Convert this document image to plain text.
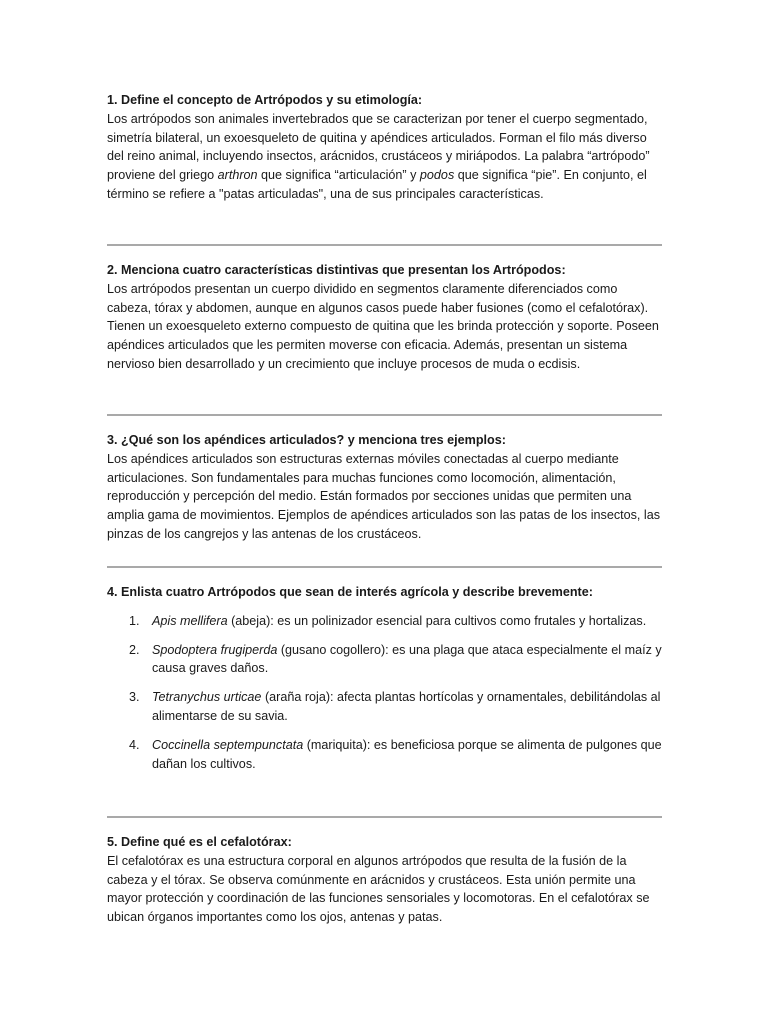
1. Define el concepto de Artrópodos y su etimología:

Los artrópodos son animales invertebrados que se caracterizan por tener el cuerpo segmentado, simetría bilateral, un exoesqueleto de quitina y apéndices articulados. Forman el filo más diverso del reino animal, incluyendo insectos, arácnidos, crustáceos y miriápodos. La palabra “artrópodo” proviene del griego arthron que significa “articulación” y podos que significa “pie”. En conjunto, el término se refiere a "patas articuladas", una de sus principales características.

2. Menciona cuatro características distintivas que presentan los Artrópodos:

Los artrópodos presentan un cuerpo dividido en segmentos claramente diferenciados como cabeza, tórax y abdomen, aunque en algunos casos puede haber fusiones (como el cefalotórax). Tienen un exoesqueleto externo compuesto de quitina que les brinda protección y soporte. Poseen apéndices articulados que les permiten moverse con eficacia. Además, presentan un sistema nervioso bien desarrollado y un crecimiento que incluye procesos de muda o ecdisis.

3. ¿Qué son los apéndices articulados? y menciona tres ejemplos:

Los apéndices articulados son estructuras externas móviles conectadas al cuerpo mediante articulaciones. Son fundamentales para muchas funciones como locomoción, alimentación, reproducción y percepción del medio. Están formados por secciones unidas que permiten una amplia gama de movimientos. Ejemplos de apéndices articulados son las patas de los insectos, las pinzas de los cangrejos y las antenas de los crustáceos.

4. Enlista cuatro Artrópodos que sean de interés agrícola y describe brevemente:

1. Apis mellifera (abeja): es un polinizador esencial para cultivos como frutales y hortalizas.
2. Spodoptera frugiperda (gusano cogollero): es una plaga que ataca especialmente el maíz y causa graves daños.
3. Tetranychus urticae (araña roja): afecta plantas hortícolas y ornamentales, debilitándolas al alimentarse de su savia.
4. Coccinella septempunctata (mariquita): es beneficiosa porque se alimenta de pulgones que dañan los cultivos.

5. Define qué es el cefalotórax:

El cefalotórax es una estructura corporal en algunos artrópodos que resulta de la fusión de la cabeza y el tórax. Se observa comúnmente en arácnidos y crustáceos. Esta unión permite una mayor protección y coordinación de las funciones sensoriales y locomotoras. En el cefalotórax se ubican órganos importantes como los ojos, antenas y patas.
